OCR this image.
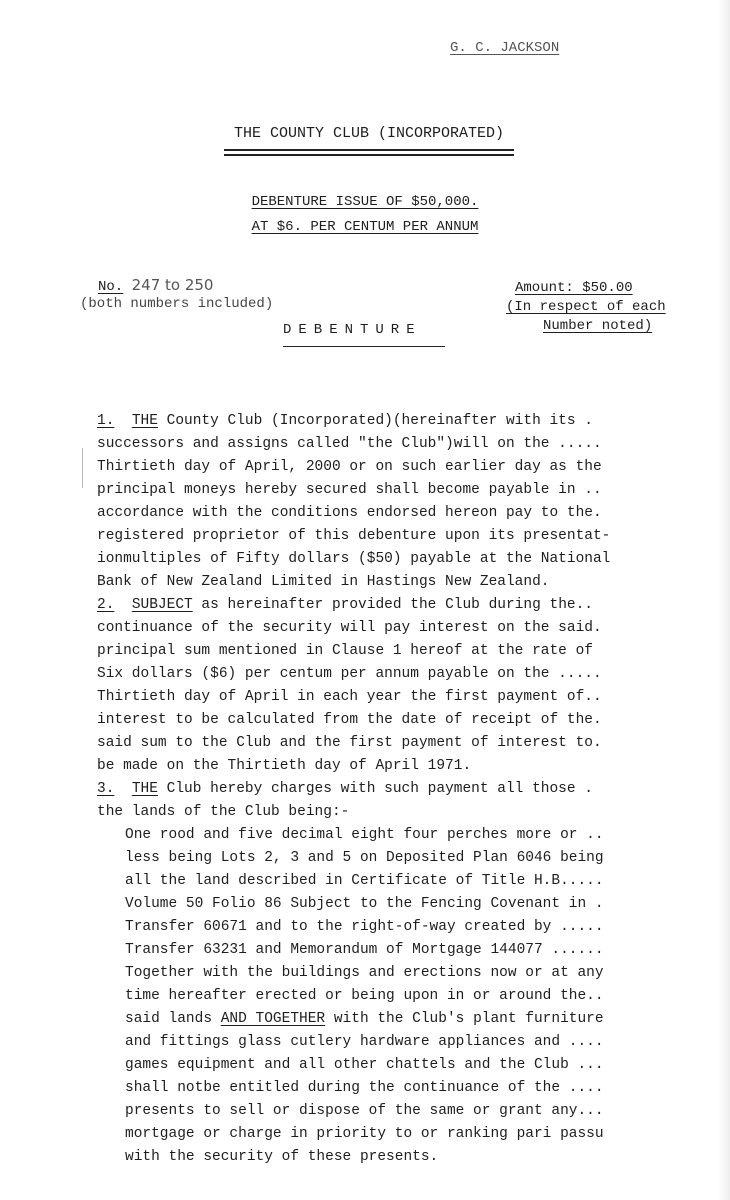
G. C. JACKSON
THE COUNTY CLUB (INCORPORATED)
DEBENTURE ISSUE OF $50,000.
AT $6. PER CENTUM PER ANNUM
No. 247 to 250
(both numbers included)
Amount: $50.00
(In respect of each
Number noted)
DEBENTURE
1. THE County Club (Incorporated)(hereinafter with its .
successors and assigns called "the Club")will on the .....
Thirtieth day of April, 2000 or on such earlier day as the
principal moneys hereby secured shall become payable in ..
accordance with the conditions endorsed hereon pay to the.
registered proprietor of this debenture upon its presentat-
ionmultiples of Fifty dollars ($50) payable at the National
Bank of New Zealand Limited in Hastings New Zealand.
2. SUBJECT as hereinafter provided the Club during the..
continuance of the security will pay interest on the said.
principal sum mentioned in Clause 1 hereof at the rate of
Six dollars ($6) per centum per annum payable on the .....
Thirtieth day of April in each year the first payment of..
interest to be calculated from the date of receipt of the.
said sum to the Club and the first payment of interest to.
be made on the Thirtieth day of April 1971.
3. THE Club hereby charges with such payment all those .
the lands of the Club being:-
One rood and five decimal eight four perches more or ..
less being Lots 2, 3 and 5 on Deposited Plan 6046 being
all the land described in Certificate of Title H.B.....
Volume 50 Folio 86 Subject to the Fencing Covenant in .
Transfer 60671 and to the right-of-way created by .....
Transfer 63231 and Memorandum of Mortgage 144077 ......
Together with the buildings and erections now or at any
time hereafter erected or being upon in or around the..
said lands AND TOGETHER with the Club's plant furniture
and fittings glass cutlery hardware appliances and ....
games equipment and all other chattels and the Club ...
shall notbe entitled during the continuance of the ....
presents to sell or dispose of the same or grant any...
mortgage or charge in priority to or ranking pari passu
with the security of these presents.
